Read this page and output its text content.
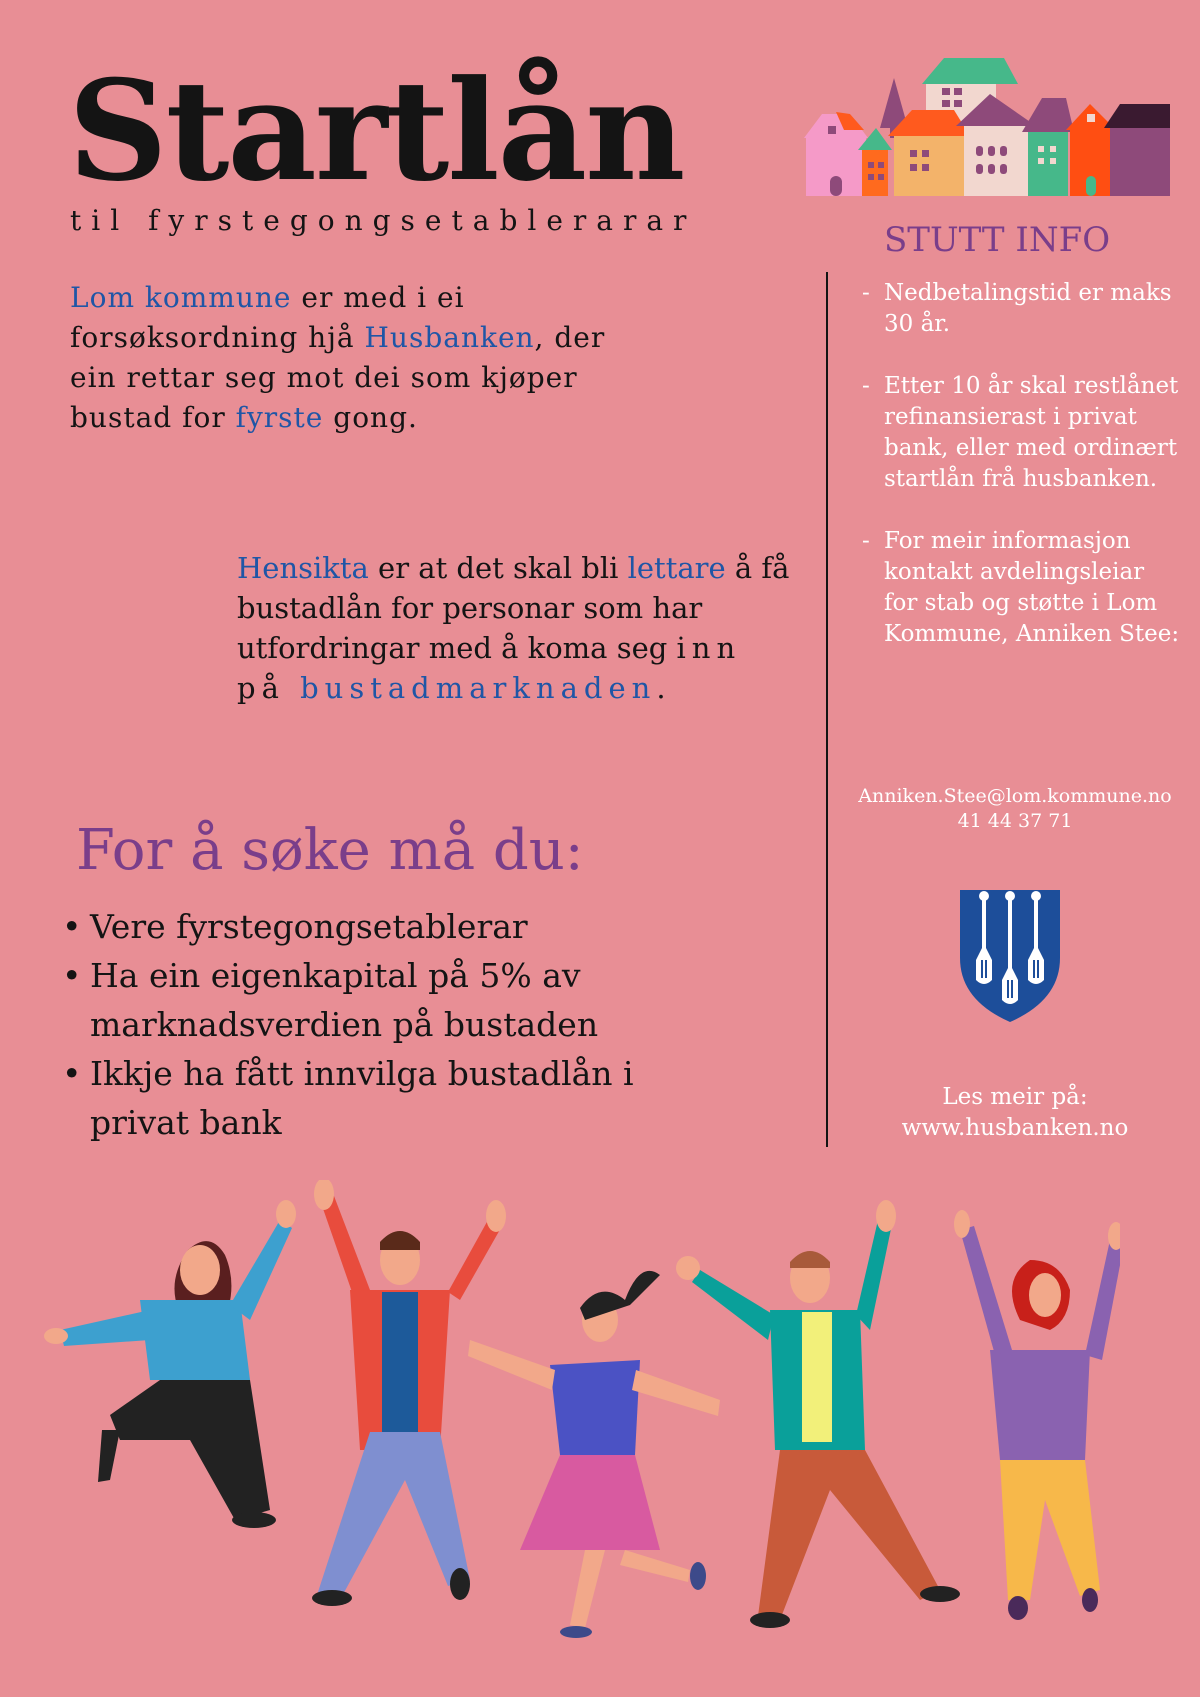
Startlån
til fyrstegongsetablerarar
Lom kommune er med i ei forsøksordning hjå Husbanken, der ein rettar seg mot dei som kjøper bustad for fyrste gong.
Hensikta er at det skal bli lettare å få bustadlån for personar som har utfordringar med å koma seg inn på bustadmarknaden.
For å søke må du:
• Vere fyrstegongsetablerar
• Ha ein eigenkapital på 5% av marknadsverdien på bustaden
• Ikkje ha fått innvilga bustadlån i privat bank
STUTT INFO
- Nedbetalingstid er maks 30 år.
- Etter 10 år skal restlånet refinansierast i privat bank, eller med ordinært startlån frå husbanken.
- For meir informasjon kontakt avdelingsleiar for stab og støtte i Lom Kommune, Anniken Stee:
Anniken.Stee@lom.kommune.no
41 44 37 71
Les meir på:
www.husbanken.no
